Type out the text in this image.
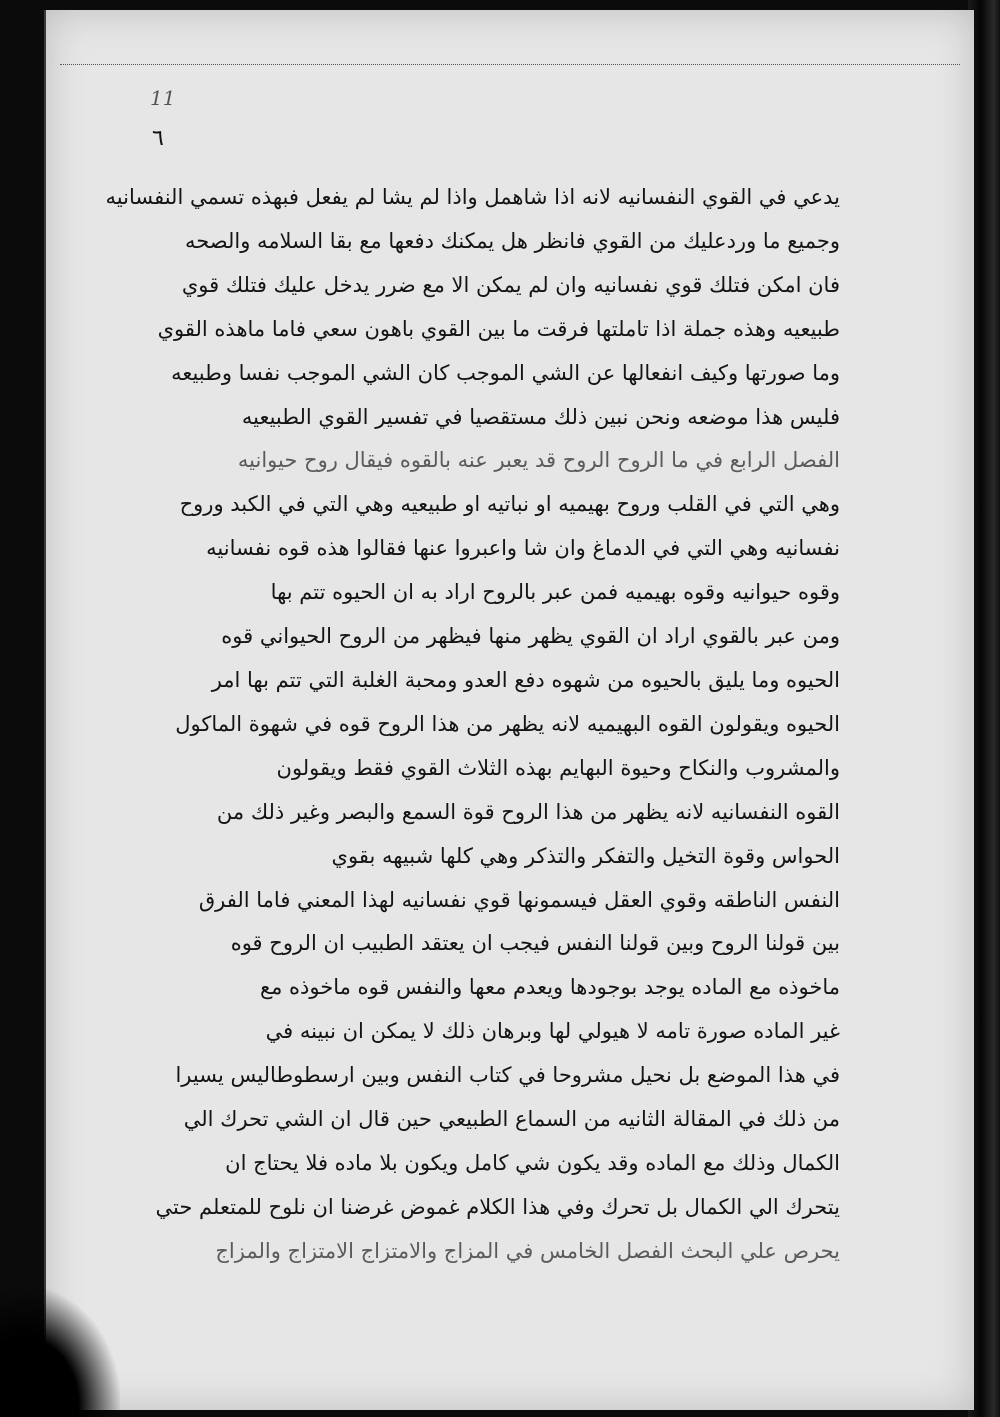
11
٦
يدعي في القوي النفسانيه لانه اذا شاهمل واذا لم يشا لم يفعل فبهذه تسمي النفسانيه
وجميع ما وردعليك من القوي فانظر هل يمكنك دفعها مع بقا السلامه والصحه
فان امكن فتلك قوي نفسانيه وان لم يمكن الا مع ضرر يدخل عليك فتلك قوي
طبيعيه وهذه جملة اذا تاملتها فرقت ما بين القوي باهون سعي فاما ماهذه القوي
وما صورتها وكيف انفعالها عن الشي الموجب كان الشي الموجب نفسا وطبيعه
فليس هذا موضعه ونحن نبين ذلك مستقصيا في تفسير القوي الطبيعيه
الفصل الرابع في ما الروح الروح قد يعبر عنه بالقوه فيقال روح حيوانيه
وهي التي في القلب وروح بهيميه او نباتيه او طبيعيه وهي التي في الكبد وروح
نفسانيه وهي التي في الدماغ وان شا واعبروا عنها فقالوا هذه قوه نفسانيه
وقوه حيوانيه وقوه بهيميه فمن عبر بالروح اراد به ان الحيوه تتم بها
ومن عبر بالقوي اراد ان القوي يظهر منها فيظهر من الروح الحيواني قوه
الحيوه وما يليق بالحيوه من شهوه دفع العدو ومحبة الغلبة التي تتم بها امر
الحيوه ويقولون القوه البهيميه لانه يظهر من هذا الروح قوه في شهوة الماكول
والمشروب والنكاح وحيوة البهايم بهذه الثلاث القوي فقط ويقولون
القوه النفسانيه لانه يظهر من هذا الروح قوة السمع والبصر وغير ذلك من
الحواس وقوة التخيل والتفكر والتذكر وهي كلها شبيهه بقوي
النفس الناطقه وقوي العقل فيسمونها قوي نفسانيه لهذا المعني فاما الفرق
بين قولنا الروح وبين قولنا النفس فيجب ان يعتقد الطبيب ان الروح قوه
ماخوذه مع الماده يوجد بوجودها ويعدم معها والنفس قوه ماخوذه مع
غير الماده صورة تامه لا هيولي لها وبرهان ذلك لا يمكن ان نبينه في
في هذا الموضع بل نحيل مشروحا في كتاب النفس وبين ارسطوطاليس يسيرا
من ذلك في المقالة الثانيه من السماع الطبيعي حين قال ان الشي تحرك الي
الكمال وذلك مع الماده وقد يكون شي كامل ويكون بلا ماده فلا يحتاج ان
يتحرك الي الكمال بل تحرك وفي هذا الكلام غموض غرضنا ان نلوح للمتعلم حتي
يحرص علي البحث الفصل الخامس في المزاج والامتزاج الامتزاج والمزاج
